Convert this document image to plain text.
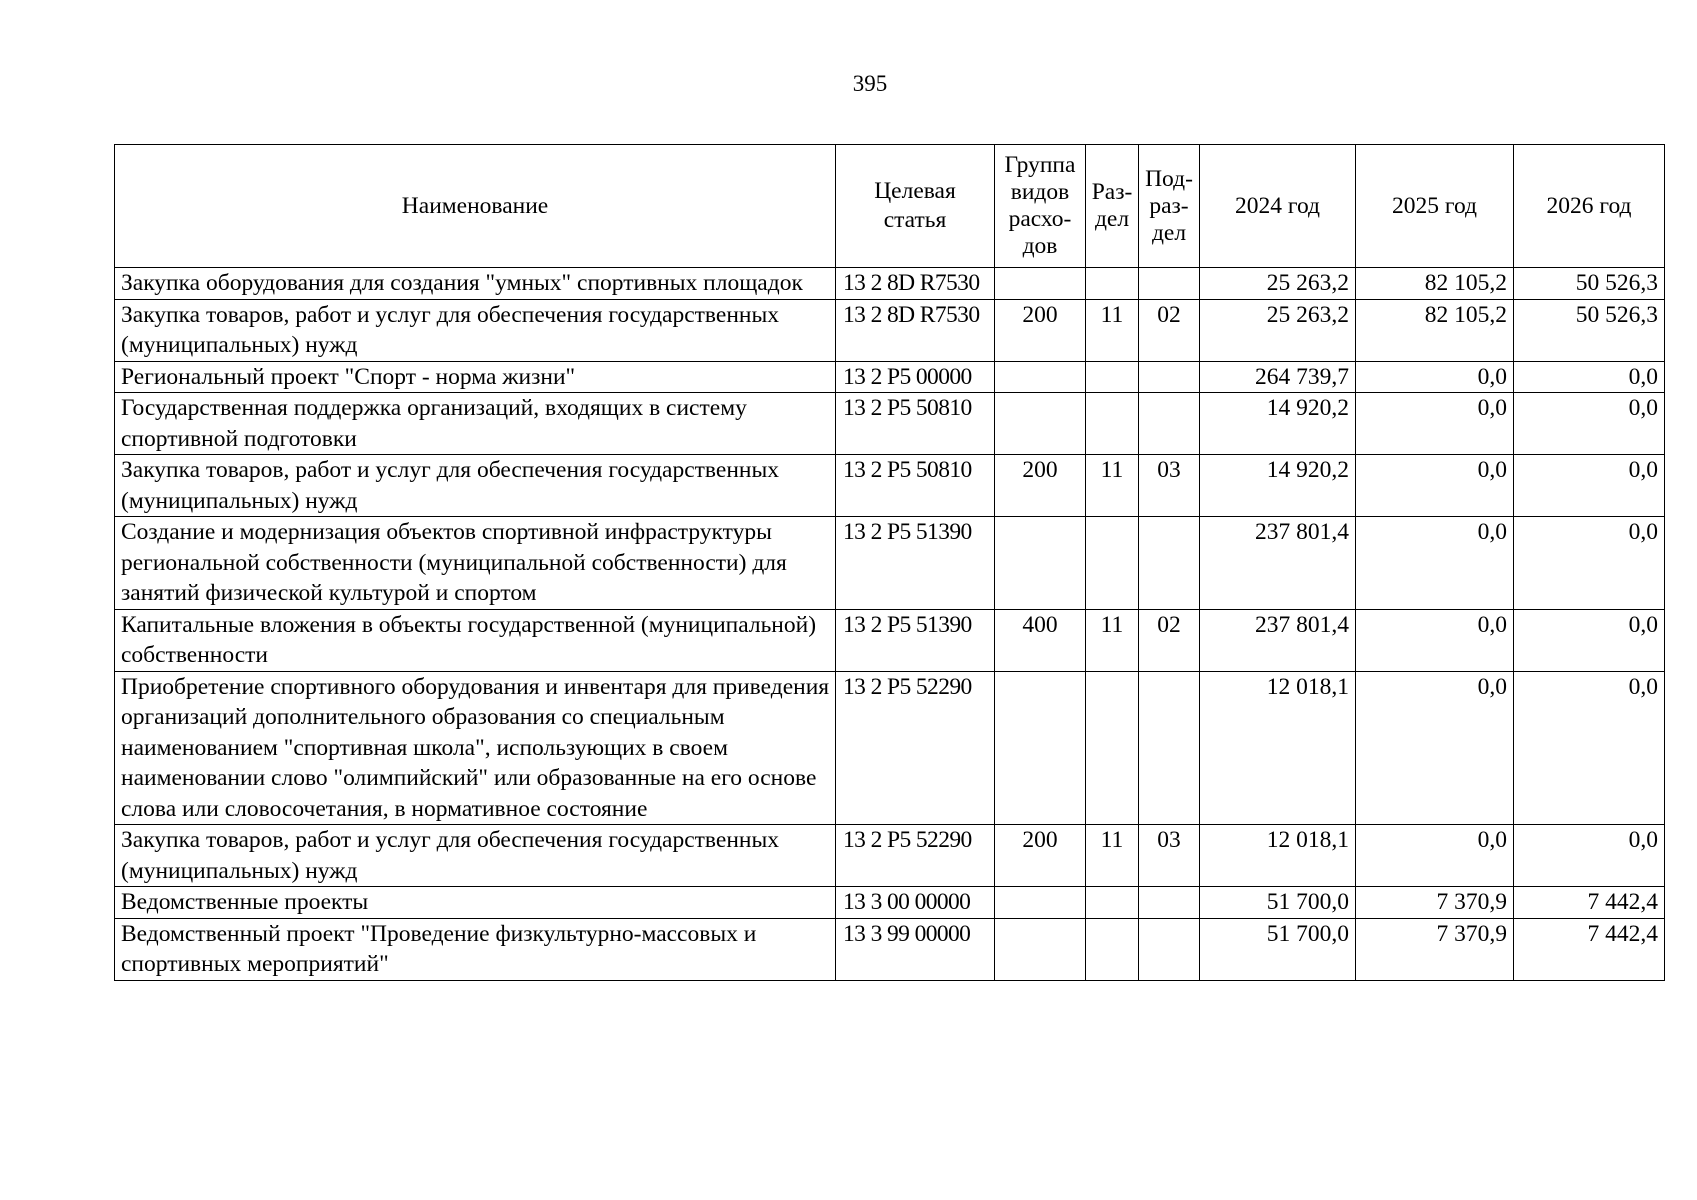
395
Наименование	Целевая статья	Группа видов расхо-дов	Раз-дел	Под-раз-дел	2024 год	2025 год	2026 год
Закупка оборудования для создания "умных" спортивных площадок	13 2 8D R7530				25 263,2	82 105,2	50 526,3
Закупка товаров, работ и услуг для обеспечения государственных (муниципальных) нужд	13 2 8D R7530	200	11	02	25 263,2	82 105,2	50 526,3
Региональный проект "Спорт - норма жизни"	13 2 P5 00000				264 739,7	0,0	0,0
Государственная поддержка организаций, входящих в систему спортивной подготовки	13 2 P5 50810				14 920,2	0,0	0,0
Закупка товаров, работ и услуг для обеспечения государственных (муниципальных) нужд	13 2 P5 50810	200	11	03	14 920,2	0,0	0,0
Создание и модернизация объектов спортивной инфраструктуры региональной собственности (муниципальной собственности) для занятий физической культурой и спортом	13 2 P5 51390				237 801,4	0,0	0,0
Капитальные вложения в объекты государственной (муниципальной) собственности	13 2 P5 51390	400	11	02	237 801,4	0,0	0,0
Приобретение спортивного оборудования и инвентаря для приведения организаций дополнительного образования со специальным наименованием "спортивная школа", использующих в своем наименовании слово "олимпийский" или образованные на его основе слова или словосочетания, в нормативное состояние	13 2 P5 52290				12 018,1	0,0	0,0
Закупка товаров, работ и услуг для обеспечения государственных (муниципальных) нужд	13 2 P5 52290	200	11	03	12 018,1	0,0	0,0
Ведомственные проекты	13 3 00 00000				51 700,0	7 370,9	7 442,4
Ведомственный проект "Проведение физкультурно-массовых и спортивных мероприятий"	13 3 99 00000				51 700,0	7 370,9	7 442,4
